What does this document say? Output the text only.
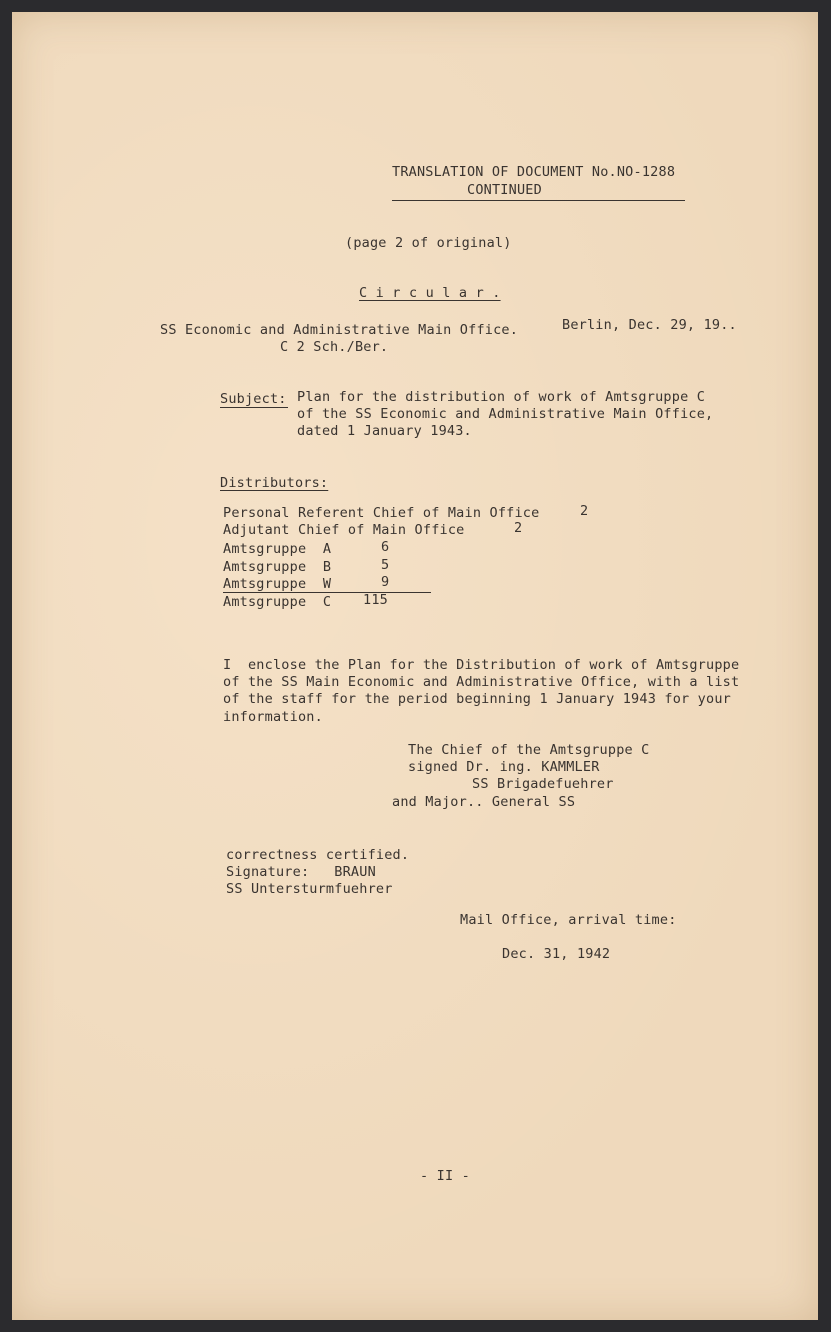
TRANSLATION OF DOCUMENT No.NO-1288
CONTINUED
(page 2 of original)
C i r c u l a r .
SS Economic and Administrative Main Office.	Berlin, Dec. 29, 19..
C 2 Sch./Ber.
Subject: Plan for the distribution of work of Amtsgruppe C
of the SS Economic and Administrative Main Office,
dated 1 January 1943.
Distributors:
Personal Referent Chief of Main Office	2
Adjutant Chief of Main Office	2
Amtsgruppe  A	6
Amtsgruppe  B	5
Amtsgruppe  W	9
Amtsgruppe  C 115
I  enclose the Plan for the Distribution of work of Amtsgruppe
of the SS Main Economic and Administrative Office, with a list
of the staff for the period beginning 1 January 1943 for your
information.
The Chief of the Amtsgruppe C
signed Dr. ing. KAMMLER
SS Brigadefuehrer
and Major.. General SS
correctness certified.
Signature:   BRAUN
SS Untersturmfuehrer
Mail Office, arrival time:
Dec. 31, 1942
- II -
